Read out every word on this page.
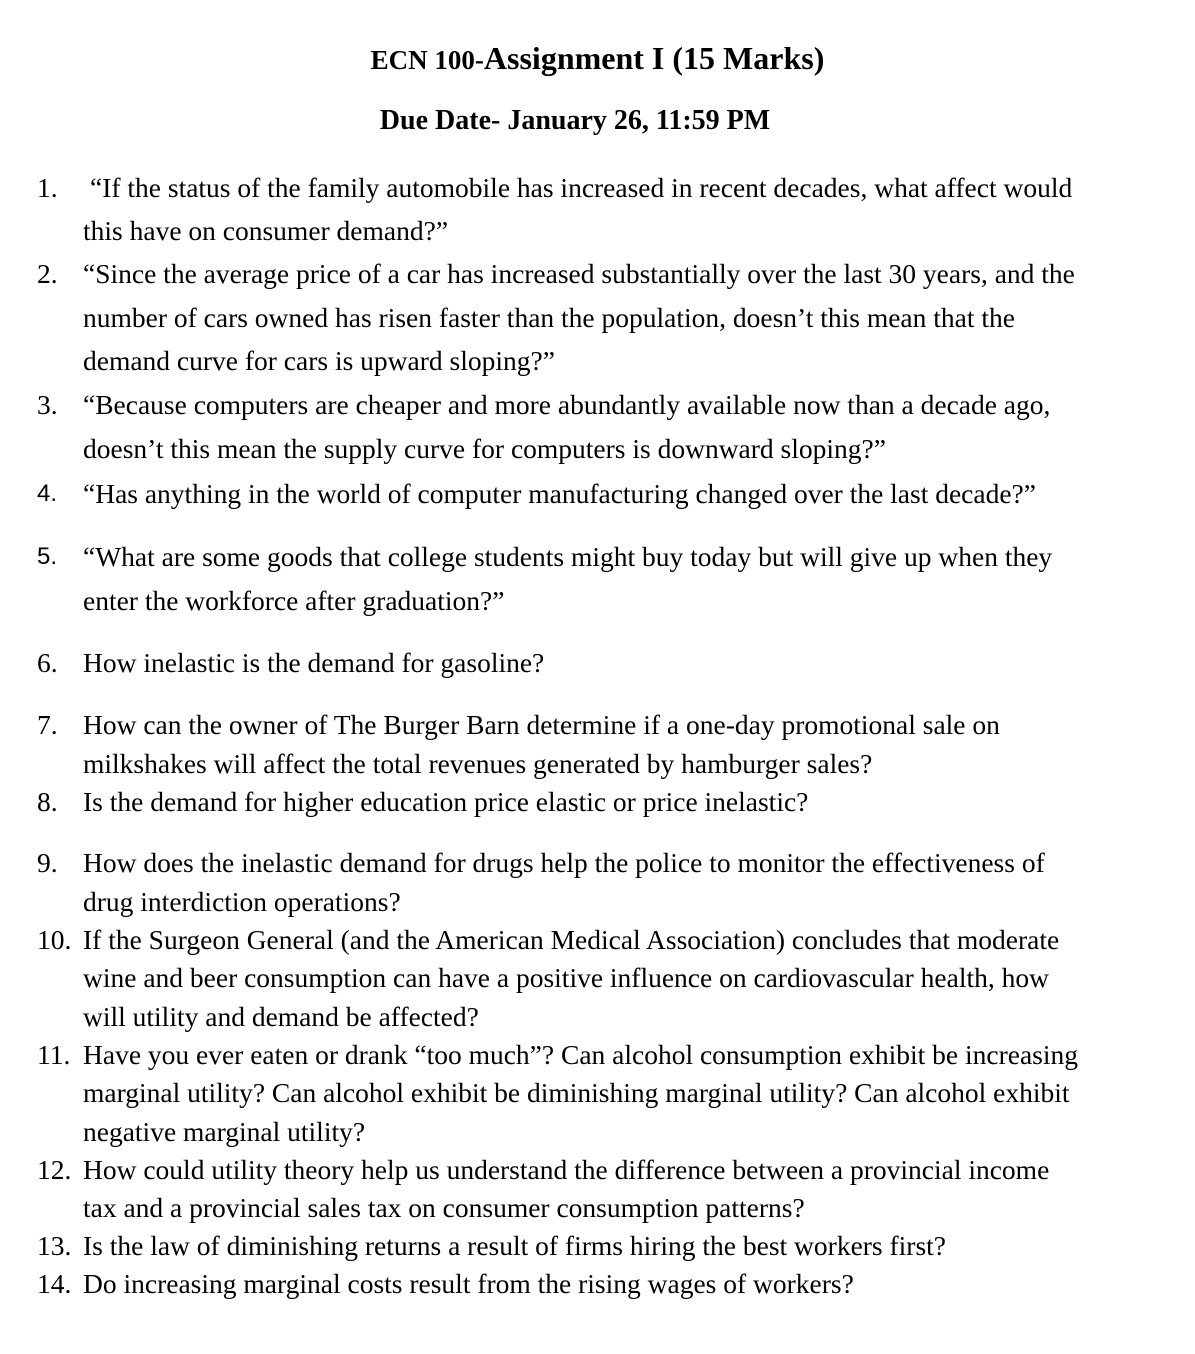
ECN 100-Assignment I (15 Marks)
Due Date- January 26, 11:59 PM
1.	“If the status of the family automobile has increased in recent decades, what affect would
this have on consumer demand?”
2. “Since the average price of a car has increased substantially over the last 30 years, and the
number of cars owned has risen faster than the population, doesn’t this mean that the
demand curve for cars is upward sloping?”
3. “Because computers are cheaper and more abundantly available now than a decade ago,
doesn’t this mean the supply curve for computers is downward sloping?”
4. “Has anything in the world of computer manufacturing changed over the last decade?”
5. “What are some goods that college students might buy today but will give up when they
enter the workforce after graduation?”
6. How inelastic is the demand for gasoline?
7. How can the owner of The Burger Barn determine if a one-day promotional sale on
milkshakes will affect the total revenues generated by hamburger sales?
8. Is the demand for higher education price elastic or price inelastic?
9. How does the inelastic demand for drugs help the police to monitor the effectiveness of
drug interdiction operations?
10. If the Surgeon General (and the American Medical Association) concludes that moderate
wine and beer consumption can have a positive influence on cardiovascular health, how
will utility and demand be affected?
11. Have you ever eaten or drank “too much”? Can alcohol consumption exhibit be increasing
marginal utility? Can alcohol exhibit be diminishing marginal utility? Can alcohol exhibit
negative marginal utility?
12. How could utility theory help us understand the difference between a provincial income
tax and a provincial sales tax on consumer consumption patterns?
13. Is the law of diminishing returns a result of firms hiring the best workers first?
14. Do increasing marginal costs result from the rising wages of workers?
